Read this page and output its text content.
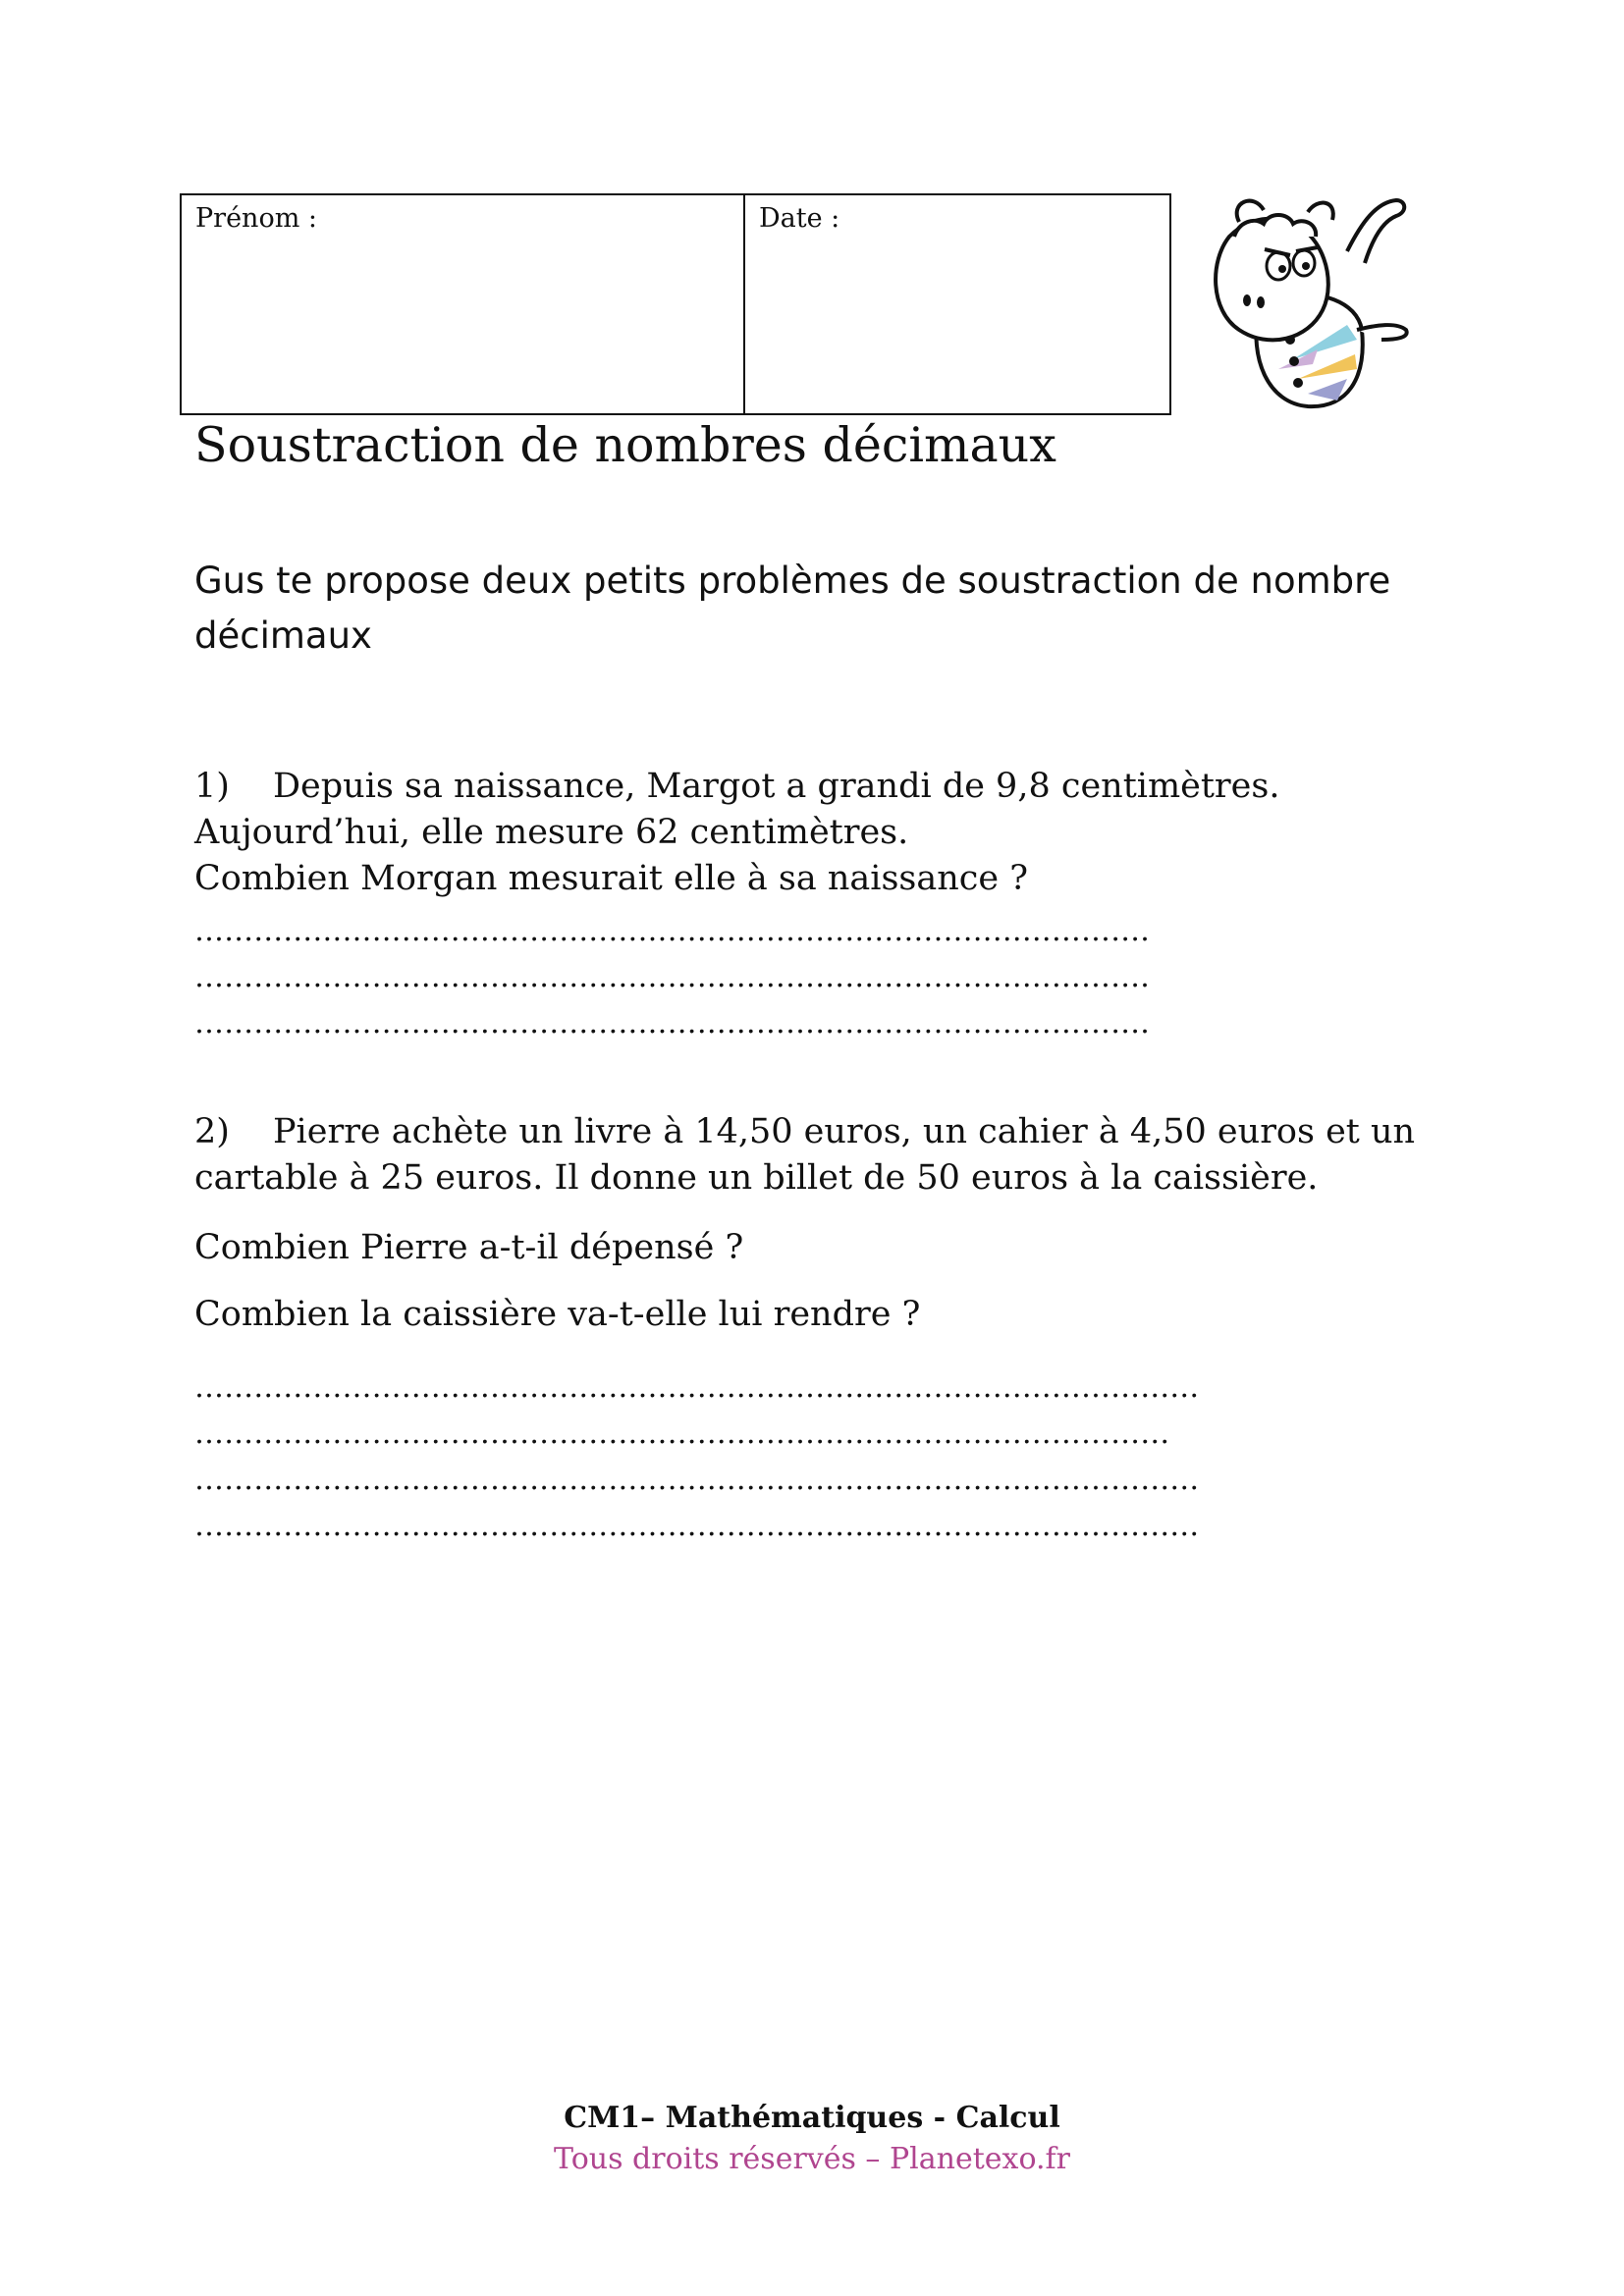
Prénom :	Date :
Soustraction de nombres décimaux

Gus te propose deux petits problèmes de soustraction de nombre décimaux

1) Depuis sa naissance, Margot a grandi de 9,8 centimètres.
Aujourd’hui, elle mesure 62 centimètres.
Combien Morgan mesurait elle à sa naissance ?
…………………………………………………………………………………….
…………………………………………………………………………………….
…………………………………………………………………………………….
2) Pierre achète un livre à 14,50 euros, un cahier à 4,50 euros et un
cartable à 25 euros. Il donne un billet de 50 euros à la caissière.
Combien Pierre a-t-il dépensé ?
Combien la caissière va-t-elle lui rendre ?
…………………………………………………………………………………………
………………………………………………………………………………………
…………………………………………………………………………………………
…………………………………………………………………………………………
CM1– Mathématiques - Calcul
Tous droits réservés – Planetexo.fr
